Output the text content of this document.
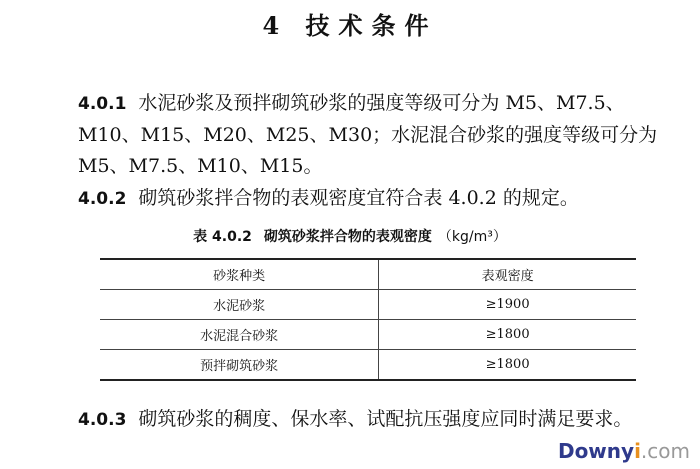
4 技术条件
4.0.1 水泥砂浆及预拌砌筑砂浆的强度等级可分为 M5、M7.5、M10、M15、M20、M25、M30；水泥混合砂浆的强度等级可分为 M5、M7.5、M10、M15。
4.0.2 砌筑砂浆拌合物的表观密度宜符合表 4.0.2 的规定。
表 4.0.2 砌筑砂浆拌合物的表观密度 （kg/m³）
砂浆种类	表观密度
水泥砂浆	≥1900
水泥混合砂浆	≥1800
预拌砌筑砂浆	≥1800
4.0.3 砌筑砂浆的稠度、保水率、试配抗压强度应同时满足要求。
Downyi.com
